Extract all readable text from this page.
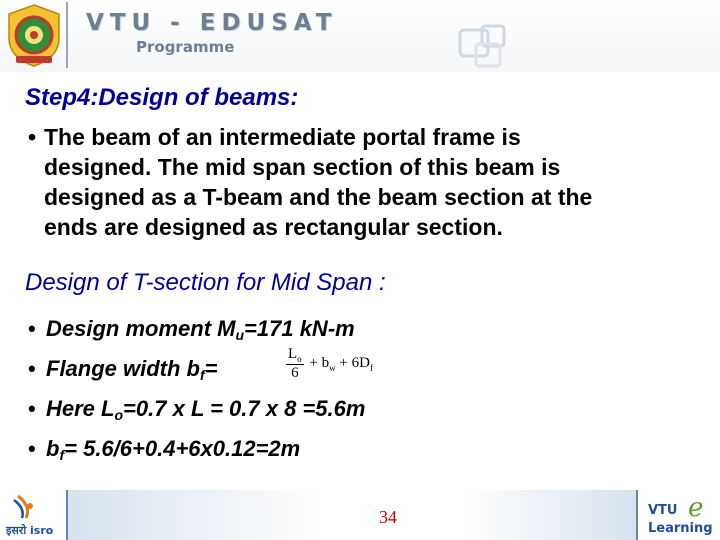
VTU - EDUSAT
Programme
Step4:Design of beams:
• The beam of an intermediate portal frame is
designed. The mid span section of this beam is
designed as a T-beam and the beam section at the
ends are designed as rectangular section.
Design of T-section for Mid Span :
• Design moment $M_u=171$ kN-m
• Flange width $b_f=$
• Here $L_o=0.7$ x L = 0.7 x 8 =5.6m
• $b_f= 5.6/6+0.4+6x0.12=2m$
$\frac{L_o}{6} + b_w + 6D_f$
इसरो isro
34	VTU e
Learning
